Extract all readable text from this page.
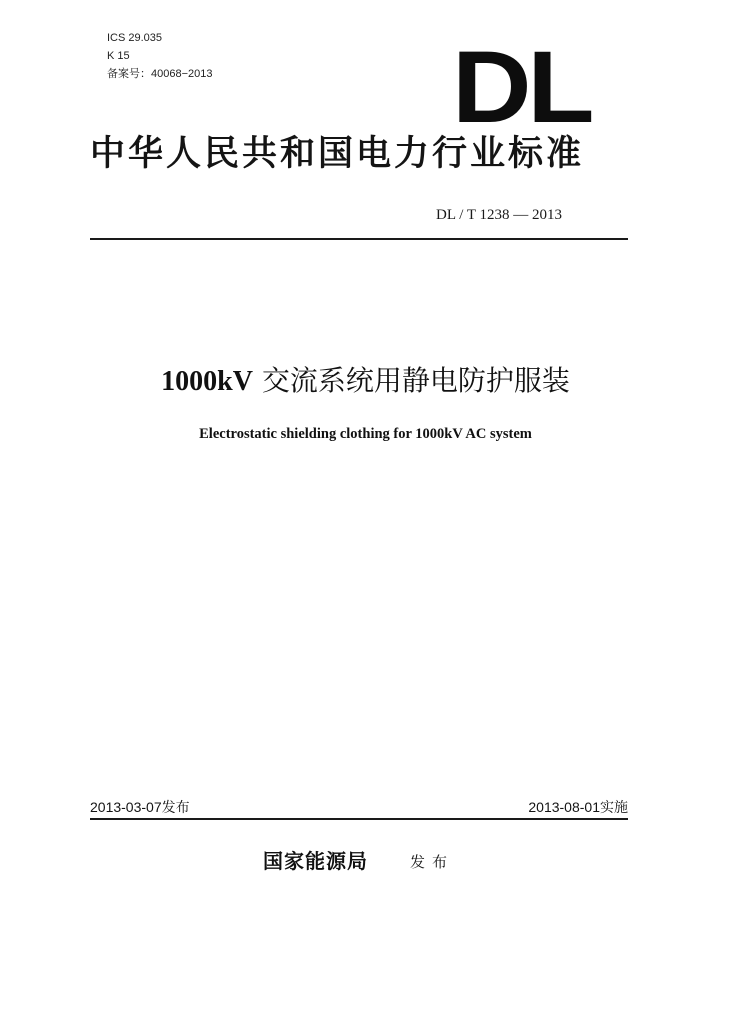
ICS 29.035
K 15
备案号：40068−2013 DL
中华人民共和国电力行业标准
DL / T 1238 — 2013
1000kV 交流系统用静电防护服装
Electrostatic shielding clothing for 1000kV AC system
2013-03-07发布	2013-08-01实施
国家能源局	发布
